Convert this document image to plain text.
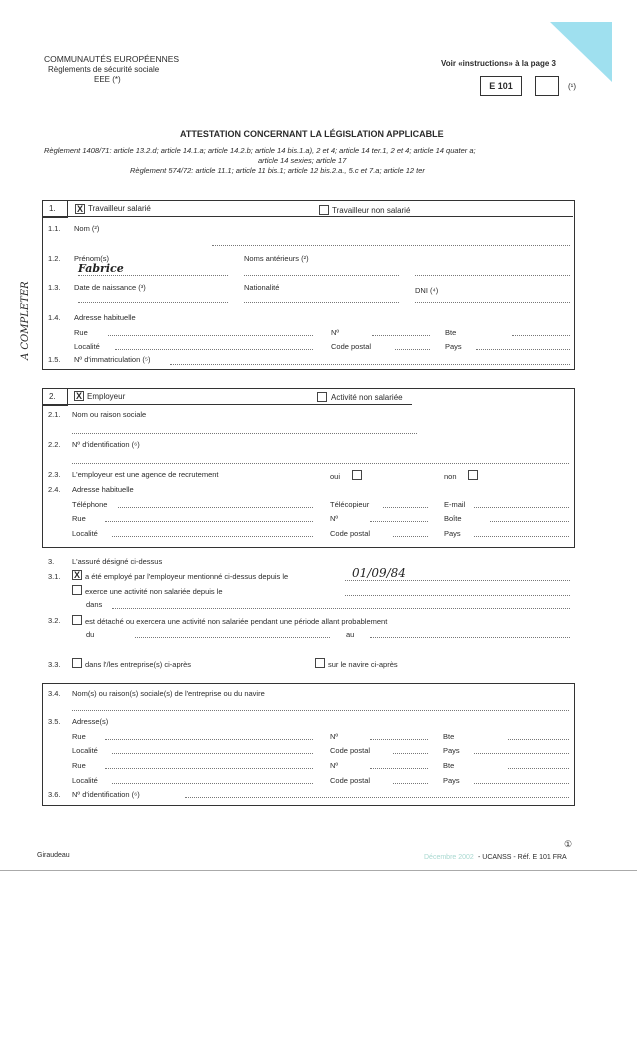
COMMUNAUTÉS EUROPÉENNES
Règlements de sécurité sociale
EEE (*)
Voir «instructions» à la page 3
E 101	(¹)
ATTESTATION CONCERNANT LA LÉGISLATION APPLICABLE
Règlement 1408/71: article 13.2.d; article 14.1.a; article 14.2.b; article 14 bis.1.a), 2 et 4; article 14 ter.1, 2 et 4; article 14 quater a;
article 14 sexies; article 17
Règlement 574/72: article 11.1; article 11 bis.1; article 12 bis.2.a., 5.c et 7.a; article 12 ter
A COMPLETER
1. X Travailleur salarié	Travailleur non salarié
1.1. Nom (²)
1.2. Prénom(s)
Fabrice
Noms antérieurs (²)
1.3. Date de naissance (³)	Nationalité	DNI (⁴)
1.4. Adresse habituelle
Rue	Nº	Bte
Localité	Code postal	Pays
1.5. Nº d'immatriculation (⁵)
2. X Employeur	Activité non salariée
2.1. Nom ou raison sociale
2.2. Nº d'identification (⁶)
2.3. L'employeur est une agence de recrutement	oui	non
2.4. Adresse habituelle
Téléphone	Télécopieur	E-mail
Rue	Nº	Boîte
Localité	Code postal	Pays
3. L'assuré désigné ci-dessus
3.1. X a été employé par l'employeur mentionné ci-dessus depuis le	01/09/84
exerce une activité non salariée depuis le
dans
3.2.	est détaché ou exercera une activité non salariée pendant une période allant probablement
du	au
3.3.	dans l'/les entreprise(s) ci-après	sur le navire ci-après
3.4. Nom(s) ou raison(s) sociale(s) de l'entreprise ou du navire
3.5. Adresse(s)
Rue	Nº	Bte
Localité	Code postal	Pays
Rue	Nº	Bte
Localité	Code postal	Pays
3.6. Nº d'identification (⁶)
①
Giraudeau	Décembre 2002 - UCANSS - Réf. E 101 FRA
